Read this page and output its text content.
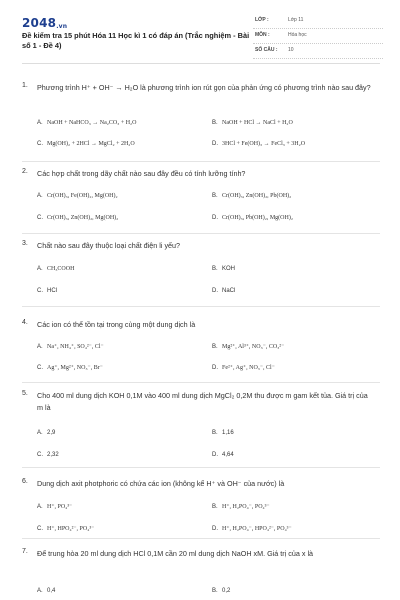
2048.vn
Đề kiểm tra 15 phút Hóa 11 Học kì 1 có đáp án (Trắc nghiệm - Bài số 1 - Đề 4)
LỚP :	Lớp 11
MÔN :	Hóa học
SỐ CÂU : 10
1. Phương trình H⁺ + OH⁻ → H₂O là phương trình ion rút gọn của phản ứng có phương trình nào sau đây?
A. NaOH + NaHCO₃ → Na₂CO₃ + H₂O	B. NaOH + HCl → NaCl + H₂O
C. Mg(OH)₂ + 2HCl → MgCl₂ + 2H₂O	D. 3HCl + Fe(OH)₃ → FeCl₃ + 3H₂O
2. Các hợp chất trong dãy chất nào sau đây đều có tính lưỡng tính?
A. Cr(OH)₃, Fe(OH)₂, Mg(OH)₂	B. Cr(OH)₃, Zn(OH)₂, Pb(OH)₂
C. Cr(OH)₃, Zn(OH)₂, Mg(OH)₂	D. Cr(OH)₃, Pb(OH)₂, Mg(OH)₂
3. Chất nào sau đây thuộc loại chất điện li yếu?
A. CH₃COOH	B. KOH
C. HCl	D. NaCl
4. Các ion có thể tồn tại trong cùng một dung dịch là
A. Na⁺, NH₄⁺, SO₄²⁻, Cl⁻	B. Mg²⁺, Al³⁺, NO₃⁻, CO₃²⁻
C. Ag⁺, Mg²⁺, NO₃⁻, Br⁻	D. Fe²⁺, Ag⁺, NO₃⁻, Cl⁻
5. Cho 400 ml dung dịch KOH 0,1M vào 400 ml dung dịch MgCl₂ 0,2M thu được m gam kết tủa. Giá trị của m là
A. 2,9	B. 1,16
C. 2,32	D. 4,64
6. Dung dịch axit photphoric có chứa các ion (không kể H⁺ và OH⁻ của nước) là
A. H⁺, PO₄³⁻	B. H⁺, H₂PO₄⁻, PO₄³⁻
C. H⁺, HPO₄²⁻, PO₄³⁻	D. H⁺, H₂PO₄⁻, HPO₄²⁻, PO₄³⁻
7. Để trung hòa 20 ml dung dịch HCl 0,1M cần 20 ml dung dịch NaOH xM. Giá trị của x là
A. 0,4	B. 0,2
